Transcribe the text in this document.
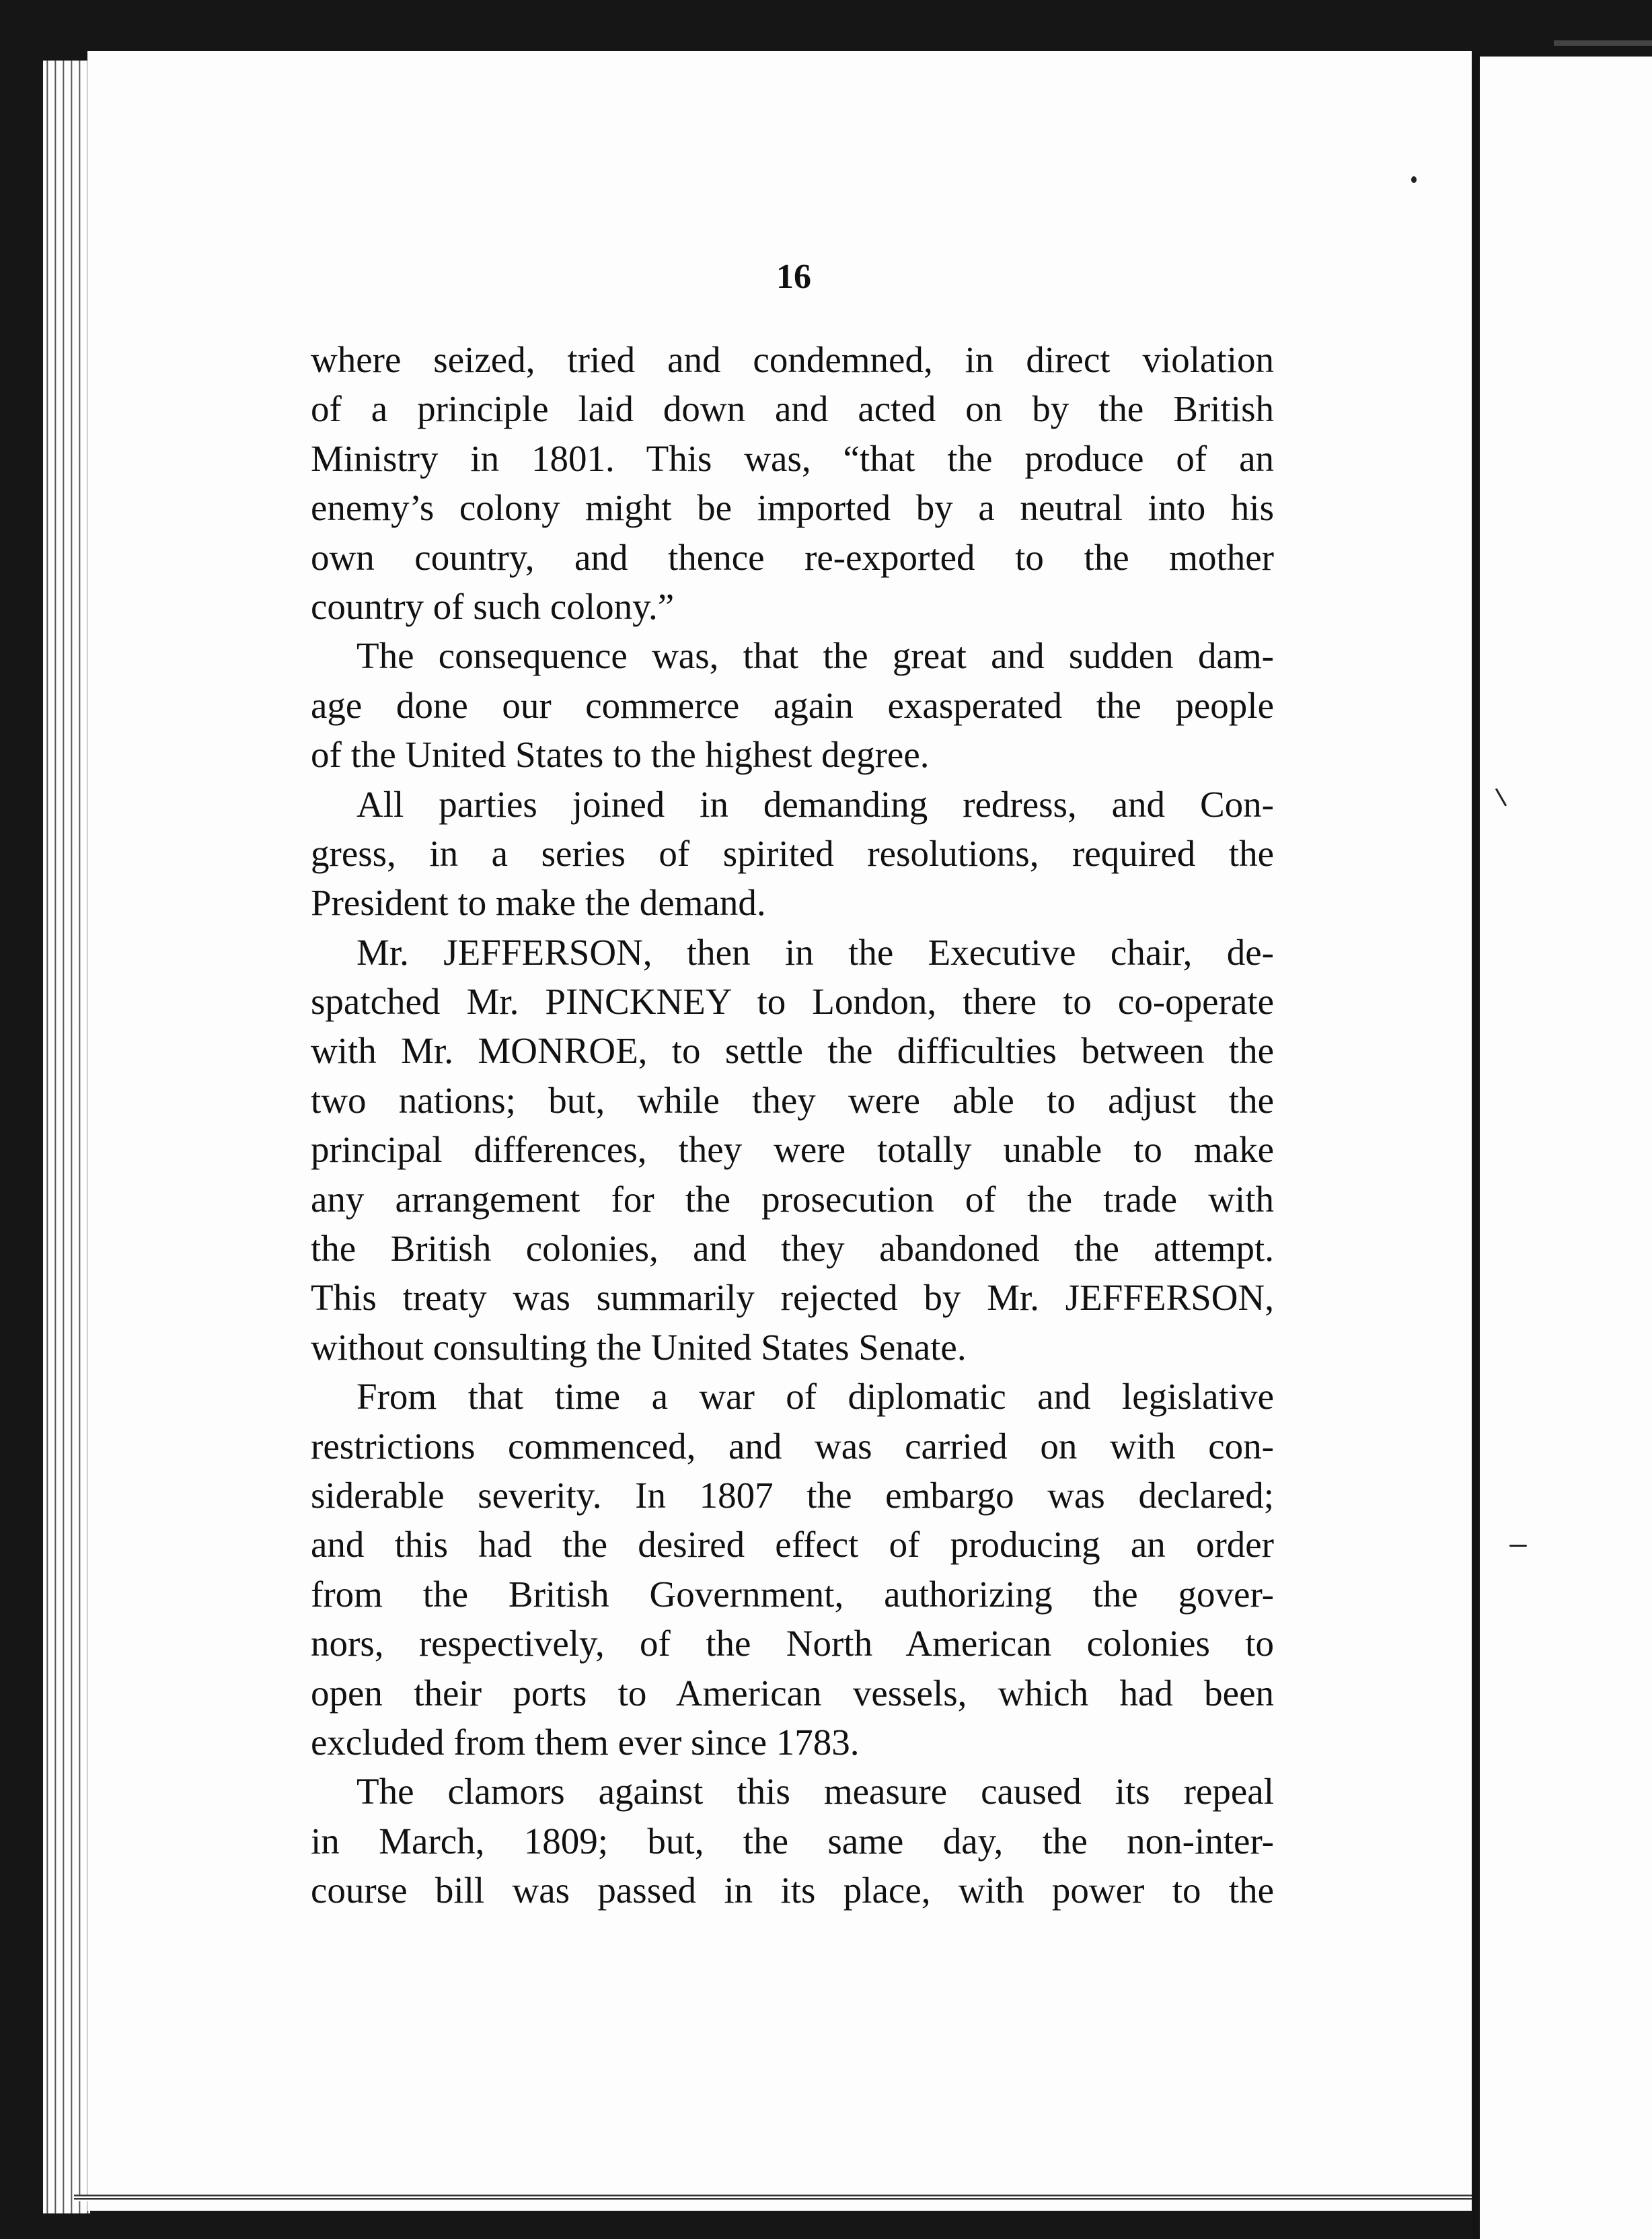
16
where seized, tried and condemned, in direct violation
of a principle laid down and acted on by the British
Ministry in 1801. This was, “that the produce of an
enemy’s colony might be imported by a neutral into his
own country, and thence re-exported to the mother
country of such colony.”
The consequence was, that the great and sudden dam-
age done our commerce again exasperated the people
of the United States to the highest degree.
All parties joined in demanding redress, and Con-
gress, in a series of spirited resolutions, required the
President to make the demand.
Mr. JEFFERSON, then in the Executive chair, de-
spatched Mr. PINCKNEY to London, there to co-operate
with Mr. MONROE, to settle the difficulties between the
two nations; but, while they were able to adjust the
principal differences, they were totally unable to make
any arrangement for the prosecution of the trade with
the British colonies, and they abandoned the attempt.
This treaty was summarily rejected by Mr. JEFFERSON,
without consulting the United States Senate.
From that time a war of diplomatic and legislative
restrictions commenced, and was carried on with con-
siderable severity. In 1807 the embargo was declared;
and this had the desired effect of producing an order
from the British Government, authorizing the gover-
nors, respectively, of the North American colonies to
open their ports to American vessels, which had been
excluded from them ever since 1783.
The clamors against this measure caused its repeal
in March, 1809; but, the same day, the non-inter-
course bill was passed in its place, with power to the
